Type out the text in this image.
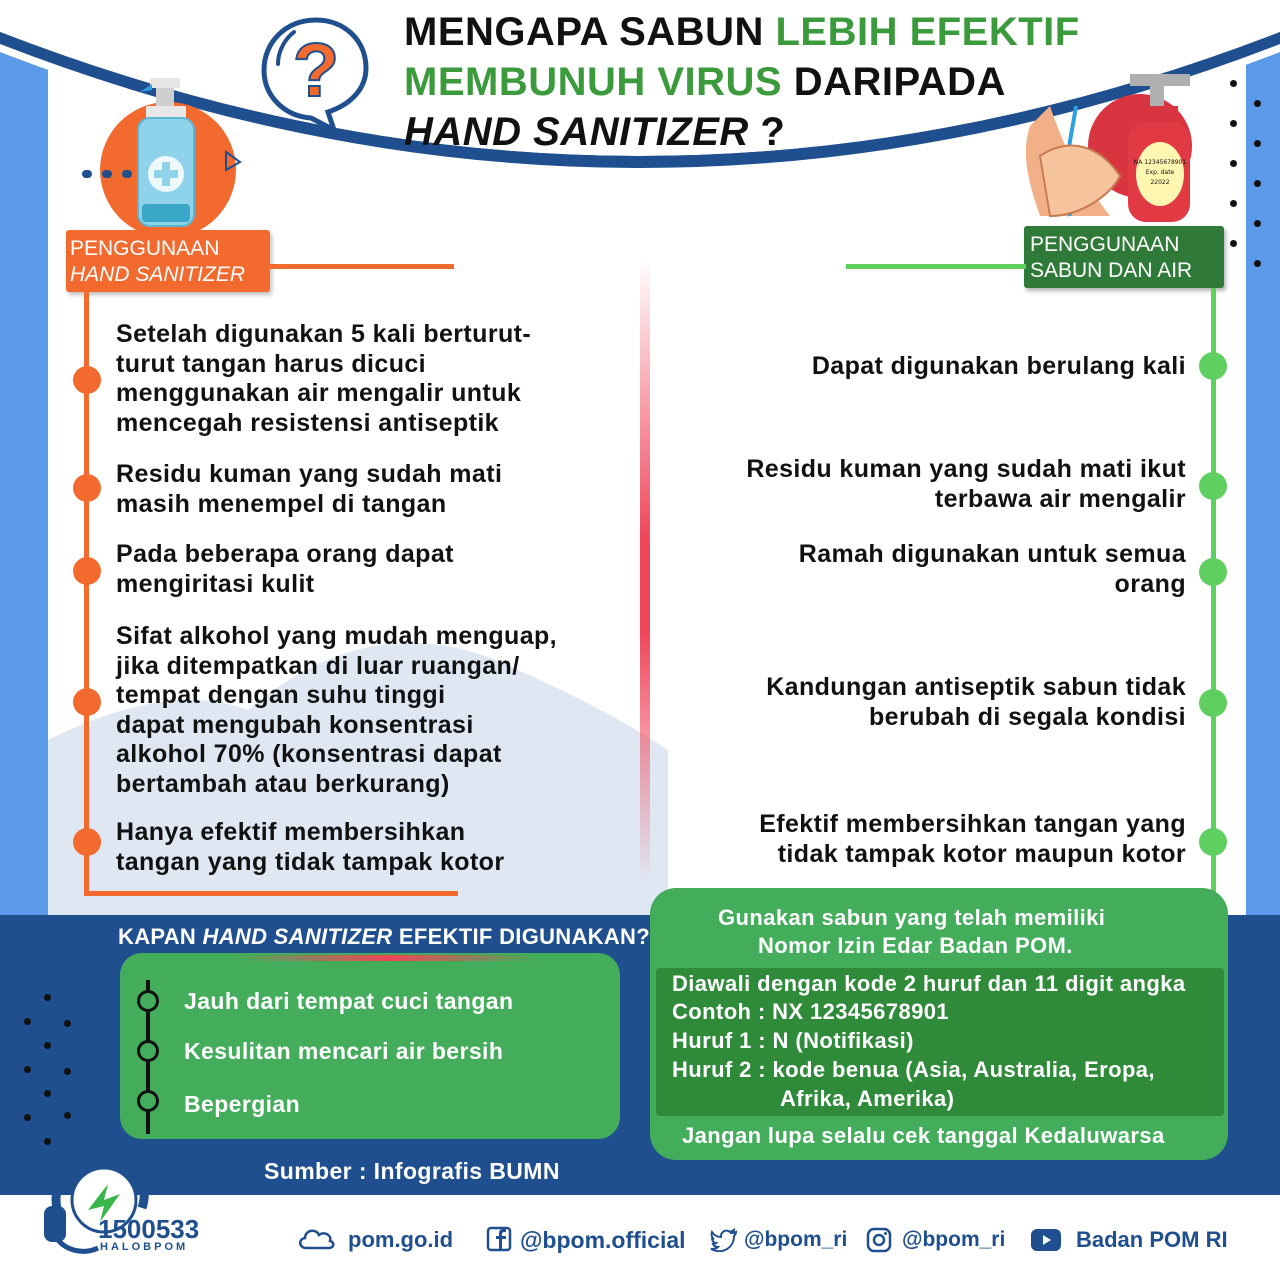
? MENGAPA SABUN LEBIH EFEKTIF
MEMBUNUH VIRUS DARIPADA
HAND SANITIZER ?
NA 12345678901
Exp. date
22022
PENGGUNAAN
HAND SANITIZER
PENGGUNAAN
SABUN DAN AIR
Setelah digunakan 5 kali berturut-
turut tangan harus dicuci
menggunakan air mengalir untuk
mencegah resistensi antiseptik
Residu kuman yang sudah mati
masih menempel di tangan
Pada beberapa orang dapat
mengiritasi kulit
Sifat alkohol yang mudah menguap,
jika ditempatkan di luar ruangan/
tempat dengan suhu tinggi
dapat mengubah konsentrasi
alkohol 70% (konsentrasi dapat
bertambah atau berkurang)
Hanya efektif membersihkan
tangan yang tidak tampak kotor
Dapat digunakan berulang kali
Residu kuman yang sudah mati ikut
terbawa air mengalir
Ramah digunakan untuk semua
orang
Kandungan antiseptik sabun tidak
berubah di segala kondisi
Efektif membersihkan tangan yang
tidak tampak kotor maupun kotor
KAPAN HAND SANITIZER EFEKTIF DIGUNAKAN?
Jauh dari tempat cuci tangan
Kesulitan mencari air bersih
Bepergian
Gunakan sabun yang telah memiliki
Nomor Izin Edar Badan POM.
Diawali dengan kode 2 huruf dan 11 digit angka
Contoh : NX 12345678901
Huruf 1 : N (Notifikasi)
Huruf 2 : kode benua (Asia, Australia, Eropa,
Afrika, Amerika)
Jangan lupa selalu cek tanggal Kedaluwarsa
Sumber : Infografis BUMN
1500533
HALOBPOM	pom.go.id	@bpom.official	@bpom_ri	@bpom_ri	Badan POM RI
